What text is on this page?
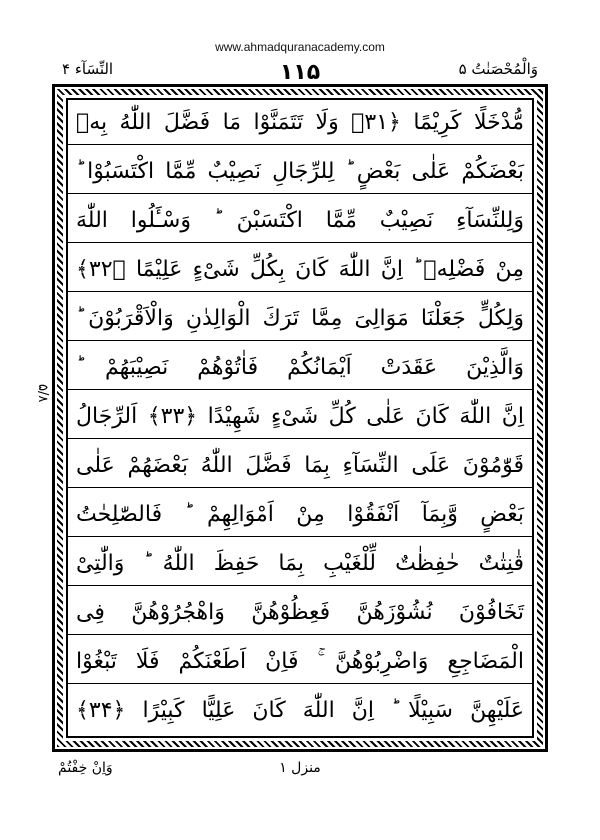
www.ahmadquranacademy.com
النِّسَآء ۴	۱۱۵	وَالْمُحْصَنٰتُ ۵
۵/۸
مُّدْخَلًا كَرِيْمًا ﴿۳۱﴾ وَلَا تَتَمَنَّوْا مَا فَضَّلَ اللّٰهُ بِهٖ
بَعْضَكُمْ عَلٰى بَعْضٍ ؕ لِلرِّجَالِ نَصِيْبٌ مِّمَّا اكْتَسَبُوْا ؕ
وَلِلنِّسَآءِ نَصِيْبٌ مِّمَّا اكْتَسَبْنَ ؕ وَسْـَٔلُوا اللّٰهَ
مِنْ فَضْلِهٖ ؕ اِنَّ اللّٰهَ كَانَ بِكُلِّ شَیْءٍ عَلِيْمًا ﴿۳۲﴾
وَلِكُلٍّ جَعَلْنَا مَوَالِیَ مِمَّا تَرَكَ الْوَالِدٰنِ وَالْاَقْرَبُوْنَ ؕ
وَالَّذِيْنَ عَقَدَتْ اَيْمَانُكُمْ فَاٰتُوْهُمْ نَصِيْبَهُمْ ؕ
اِنَّ اللّٰهَ كَانَ عَلٰى كُلِّ شَیْءٍ شَهِيْدًا ﴿۳۳﴾ اَلرِّجَالُ
قَوّٰمُوْنَ عَلَى النِّسَآءِ بِمَا فَضَّلَ اللّٰهُ بَعْضَهُمْ عَلٰى
بَعْضٍ وَّبِمَآ اَنْفَقُوْا مِنْ اَمْوَالِهِمْ ؕ فَالصّٰلِحٰتُ
قٰنِتٰتٌ حٰفِظٰتٌ لِّلْغَيْبِ بِمَا حَفِظَ اللّٰهُ ؕ وَالّٰتِیْ
تَخَافُوْنَ نُشُوْزَهُنَّ فَعِظُوْهُنَّ وَاهْجُرُوْهُنَّ فِی
الْمَضَاجِعِ وَاضْرِبُوْهُنَّ ۚ فَاِنْ اَطَعْنَكُمْ فَلَا تَبْغُوْا
عَلَيْهِنَّ سَبِيْلًا ؕ اِنَّ اللّٰهَ كَانَ عَلِيًّا كَبِيْرًا ﴿۳۴﴾
منزل ۱
وَاِنْ خِفْتُمْ
